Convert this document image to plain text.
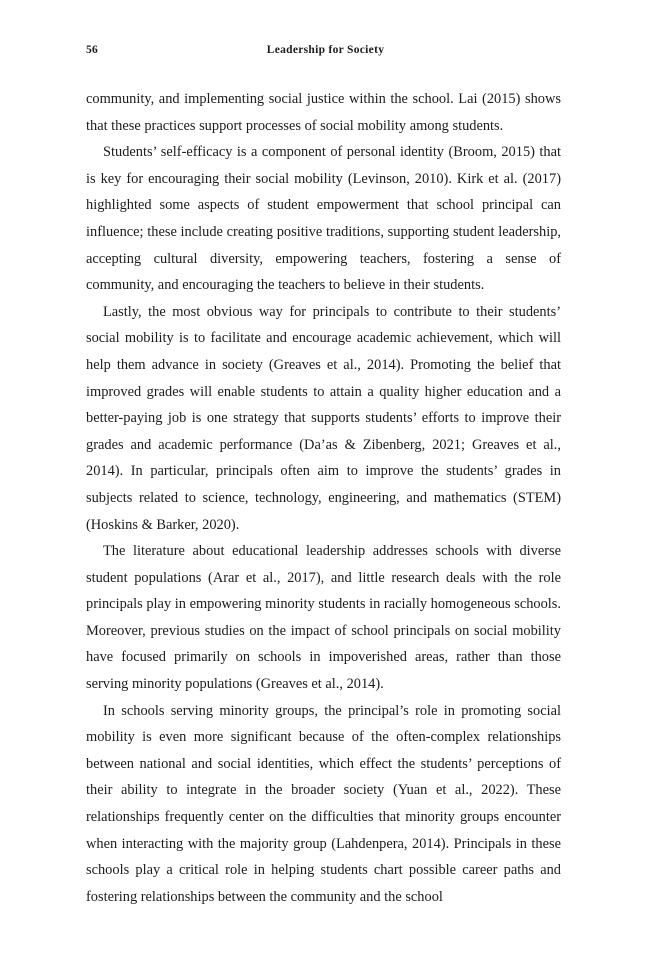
56	Leadership for Society

community, and implementing social justice within the school. Lai (2015) shows that these practices support processes of social mobility among students.

Students’ self-efficacy is a component of personal identity (Broom, 2015) that is key for encouraging their social mobility (Levinson, 2010). Kirk et al. (2017) highlighted some aspects of student empowerment that school principal can influence; these include creating positive traditions, supporting student leadership, accepting cultural diversity, empowering teachers, fostering a sense of community, and encouraging the teachers to believe in their students.

Lastly, the most obvious way for principals to contribute to their students’ social mobility is to facilitate and encourage academic achievement, which will help them advance in society (Greaves et al., 2014). Promoting the belief that improved grades will enable students to attain a quality higher education and a better-paying job is one strategy that supports students’ efforts to improve their grades and academic performance (Da’as & Zibenberg, 2021; Greaves et al., 2014). In particular, principals often aim to improve the students’ grades in subjects related to science, technology, engineering, and mathematics (STEM) (Hoskins & Barker, 2020).

The literature about educational leadership addresses schools with diverse student populations (Arar et al., 2017), and little research deals with the role principals play in empowering minority students in racially homogeneous schools. Moreover, previous studies on the impact of school principals on social mobility have focused primarily on schools in impoverished areas, rather than those serving minority populations (Greaves et al., 2014).

In schools serving minority groups, the principal’s role in promoting social mobility is even more significant because of the often-complex relationships between national and social identities, which effect the students’ perceptions of their ability to integrate in the broader society (Yuan et al., 2022). These relationships frequently center on the difficulties that minority groups encounter when interacting with the majority group (Lahdenpera, 2014). Principals in these schools play a critical role in helping students chart possible career paths and fostering relationships between the community and the school
